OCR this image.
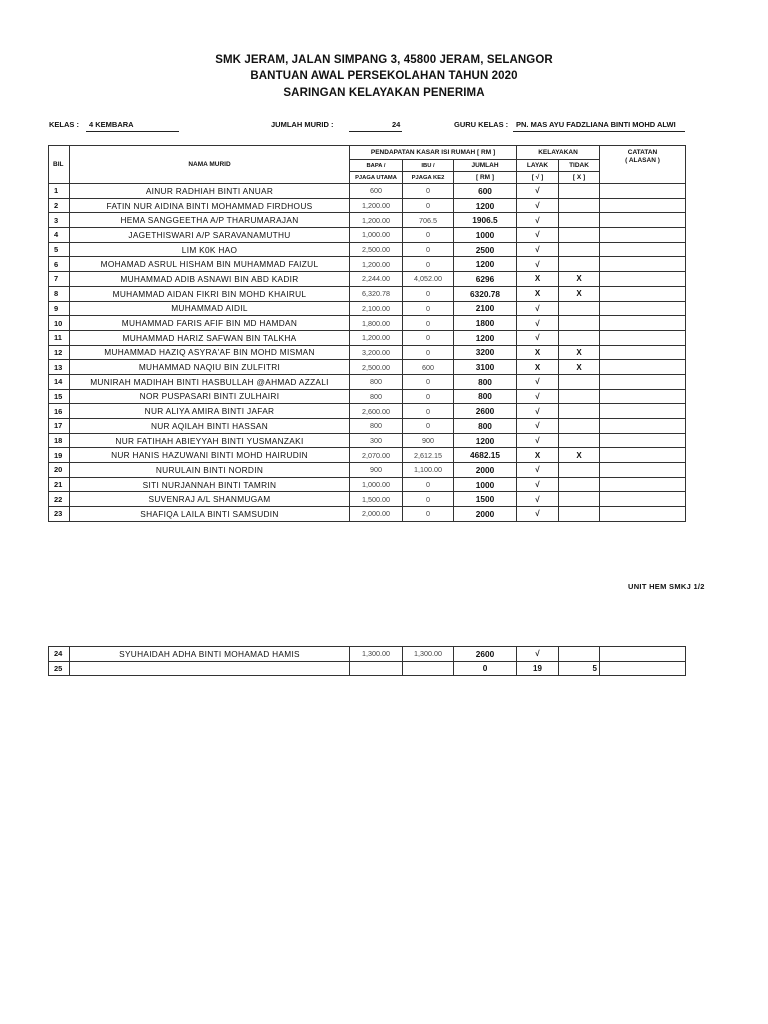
SMK JERAM, JALAN SIMPANG 3, 45800 JERAM, SELANGOR
BANTUAN AWAL PERSEKOLAHAN TAHUN 2020
SARINGAN KELAYAKAN PENERIMA
KELAS : 4 KEMBARA	JUMLAH MURID :	24	GURU KELAS : PN. MAS AYU FADZLIANA BINTI MOHD ALWI
BIL	NAMA MURID	PENDAPATAN KASAR ISI RUMAH [ RM ]			KELAYAKAN		CATATAN
( ALASAN )

		BAPA /	IBU /	JUMLAH	LAYAK	TIDAK	
		PJAGA UTAMA	PJAGA KE2	[ RM ]	[ √ ]	[ X ]	
1	AINUR RADHIAH BINTI ANUAR	600	0	600	√		
2	FATIN NUR AIDINA BINTI MOHAMMAD FIRDHOUS	1,200.00	0	1200	√		
3	HEMA SANGGEETHA A/P THARUMARAJAN	1,200.00	706.5	1906.5	√		
4	JAGETHISWARI A/P SARAVANAMUTHU	1,000.00	0	1000	√		
5	LIM K0K HAO	2,500.00	0	2500	√		
6	MOHAMAD ASRUL HISHAM BIN MUHAMMAD FAIZUL	1,200.00	0	1200	√		
7	MUHAMMAD ADIB ASNAWI BIN ABD KADIR	2,244.00	4,052.00	6296	X	X	
8	MUHAMMAD AIDAN FIKRI BIN MOHD KHAIRUL	6,320.78	0	6320.78	X	X	
9	MUHAMMAD AIDIL	2,100.00	0	2100	√		
10	MUHAMMAD FARIS AFIF BIN MD HAMDAN	1,800.00	0	1800	√		
11	MUHAMMAD HARIZ SAFWAN BIN TALKHA	1,200.00	0	1200	√		
12	MUHAMMAD HAZIQ ASYRA'AF BIN MOHD MISMAN	3,200.00	0	3200	X	X	
13	MUHAMMAD NAQIU BIN ZULFITRI	2,500.00	600	3100	X	X	
14	MUNIRAH MADIHAH BINTI HASBULLAH @AHMAD AZZALI	800	0	800	√		
15	NOR PUSPASARI BINTI ZULHAIRI	800	0	800	√		
16	NUR ALIYA AMIRA BINTI JAFAR	2,600.00	0	2600	√		
17	NUR AQILAH BINTI HASSAN	800	0	800	√		
18	NUR FATIHAH ABIEYYAH BINTI YUSMANZAKI	300	900	1200	√		
19	NUR HANIS HAZUWANI BINTI MOHD HAIRUDIN	2,070.00	2,612.15	4682.15	X	X	
20	NURULAIN BINTI NORDIN	900	1,100.00	2000	√		
21	SITI NURJANNAH BINTI TAMRIN	1,000.00	0	1000	√		
22	SUVENRAJ A/L SHANMUGAM	1,500.00	0	1500	√		
23	SHAFIQA LAILA BINTI SAMSUDIN	2,000.00	0	2000	√		
UNIT HEM SMKJ 1/2
24	SYUHAIDAH ADHA BINTI MOHAMAD HAMIS	1,300.00	1,300.00	2600	√		
25				0	19	5	
